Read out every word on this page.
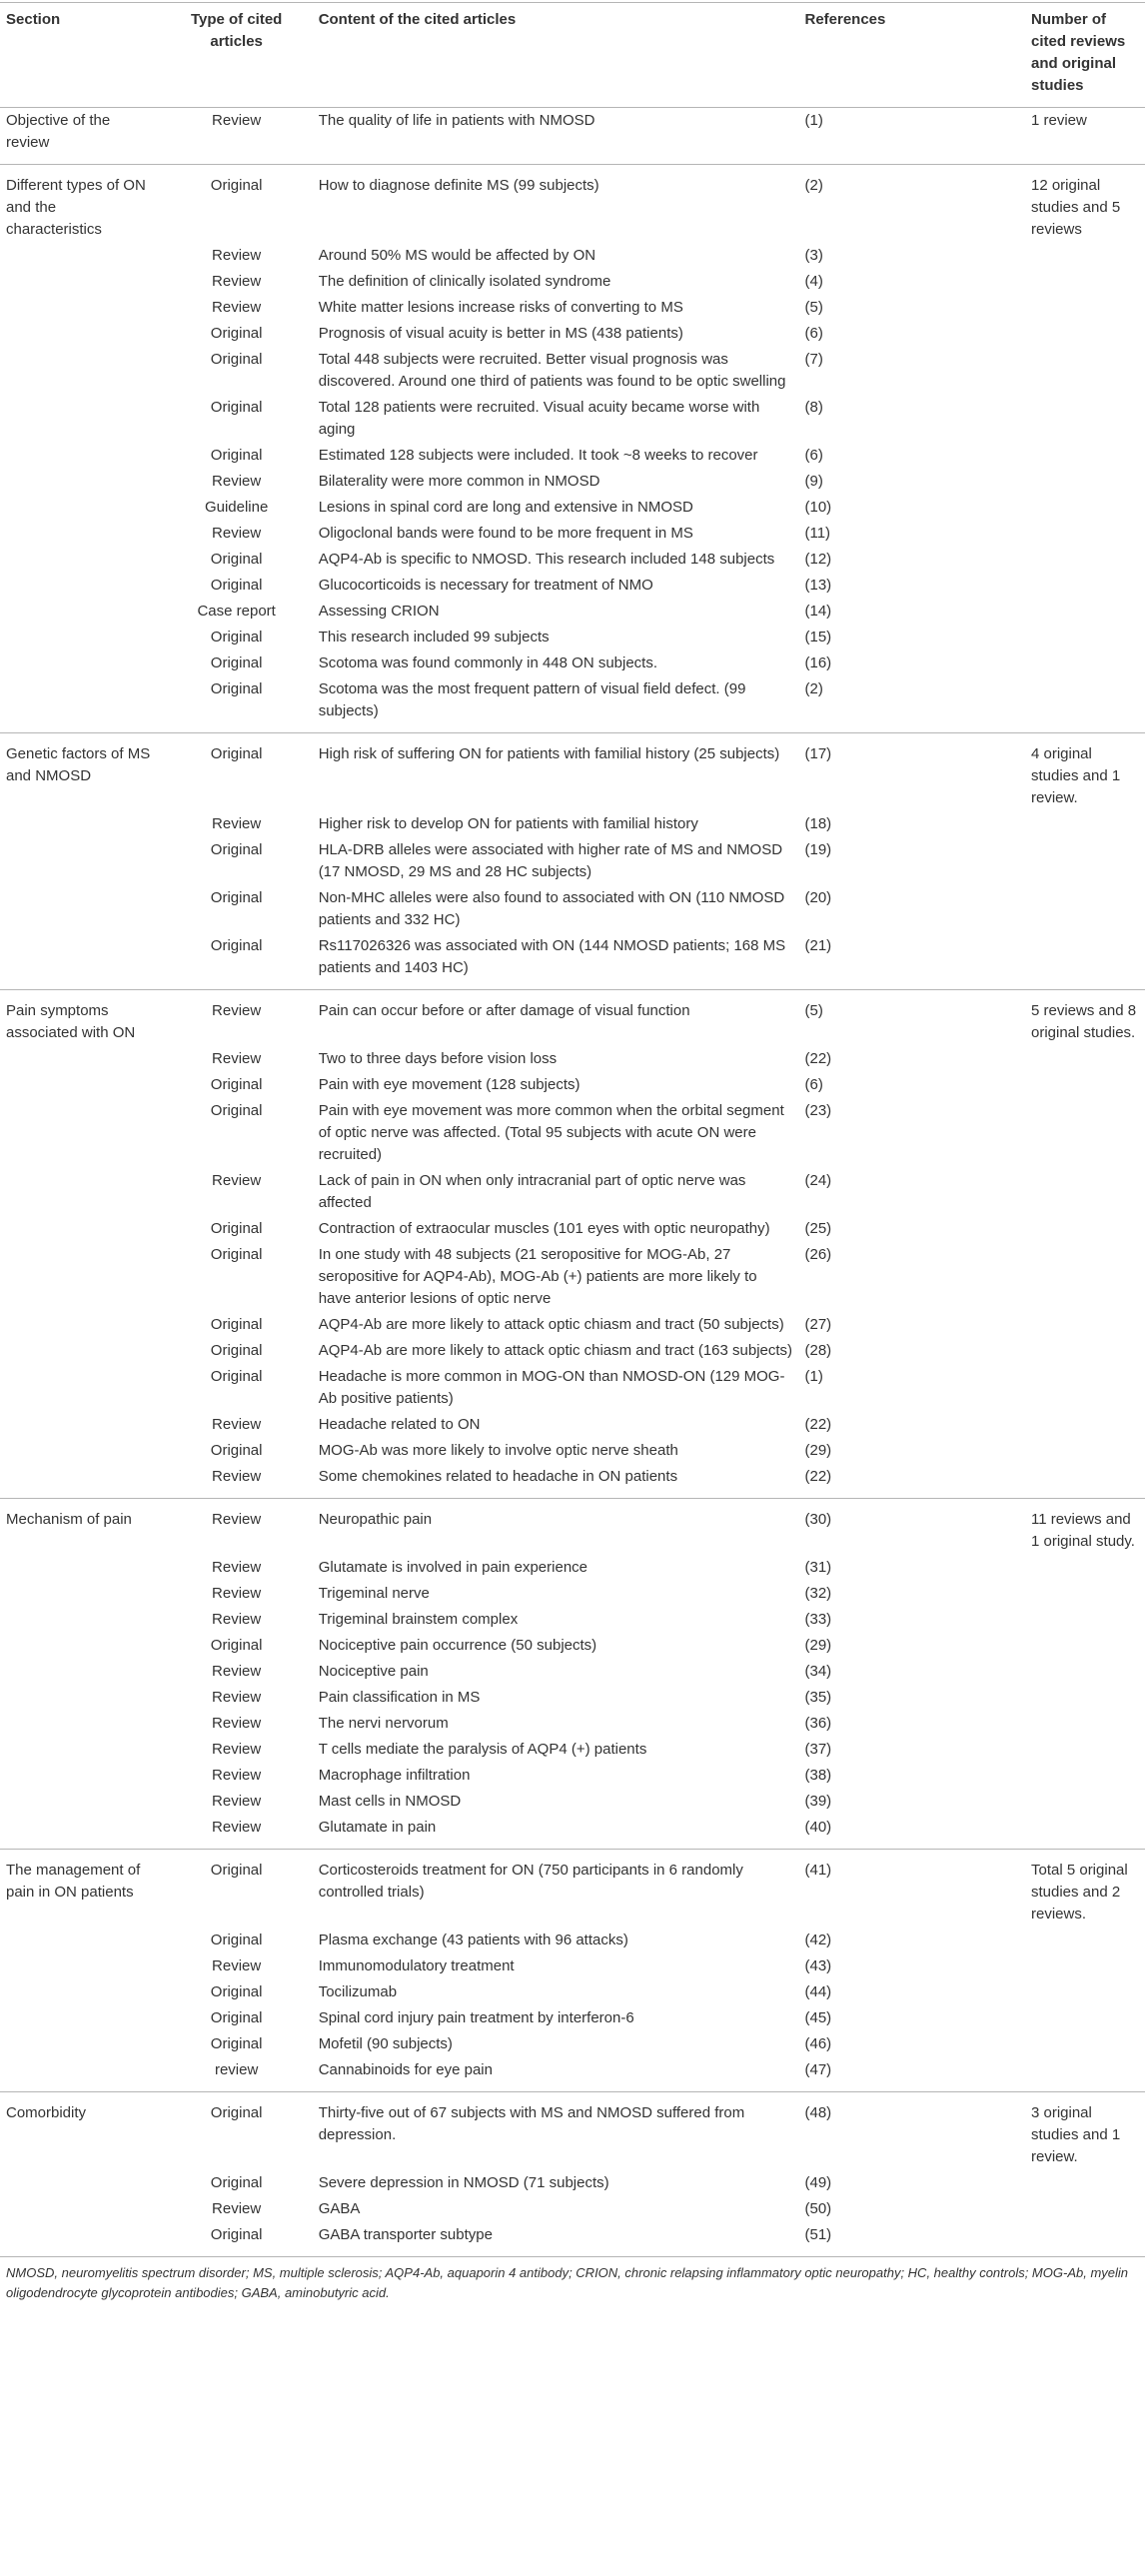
Section	Type of cited articles	Content of the cited articles	References	Number of cited reviews and original studies
Objective of the review	Review	The quality of life in patients with NMOSD	(1)	1 review
Different types of ON and the characteristics	Original	How to diagnose definite MS (99 subjects)	(2)	12 original studies and 5 reviews
	Review	Around 50% MS would be affected by ON	(3)	
	Review	The definition of clinically isolated syndrome	(4)	
	Review	White matter lesions increase risks of converting to MS	(5)	
	Original	Prognosis of visual acuity is better in MS (438 patients)	(6)	
	Original	Total 448 subjects were recruited. Better visual prognosis was discovered. Around one third of patients was found to be optic swelling	(7)	
	Original	Total 128 patients were recruited. Visual acuity became worse with aging	(8)	
	Original	Estimated 128 subjects were included. It took ~8 weeks to recover	(6)	
	Review	Bilaterality were more common in NMOSD	(9)	
	Guideline	Lesions in spinal cord are long and extensive in NMOSD	(10)	
	Review	Oligoclonal bands were found to be more frequent in MS	(11)	
	Original	AQP4-Ab is specific to NMOSD. This research included 148 subjects	(12)	
	Original	Glucocorticoids is necessary for treatment of NMO	(13)	
	Case report	Assessing CRION	(14)	
	Original	This research included 99 subjects	(15)	
	Original	Scotoma was found commonly in 448 ON subjects.	(16)	
	Original	Scotoma was the most frequent pattern of visual field defect. (99 subjects)	(2)	
Genetic factors of MS and NMOSD	Original	High risk of suffering ON for patients with familial history (25 subjects)	(17)	4 original studies and 1 review.
	Review	Higher risk to develop ON for patients with familial history	(18)	
	Original	HLA-DRB alleles were associated with higher rate of MS and NMOSD (17 NMOSD, 29 MS and 28 HC subjects)	(19)	
	Original	Non-MHC alleles were also found to associated with ON (110 NMOSD patients and 332 HC)	(20)	
	Original	Rs117026326 was associated with ON (144 NMOSD patients; 168 MS patients and 1403 HC)	(21)	
Pain symptoms associated with ON	Review	Pain can occur before or after damage of visual function	(5)	5 reviews and 8 original studies.
	Review	Two to three days before vision loss	(22)	
	Original	Pain with eye movement (128 subjects)	(6)	
	Original	Pain with eye movement was more common when the orbital segment of optic nerve was affected. (Total 95 subjects with acute ON were recruited)	(23)	
	Review	Lack of pain in ON when only intracranial part of optic nerve was affected	(24)	
	Original	Contraction of extraocular muscles (101 eyes with optic neuropathy)	(25)	
	Original	In one study with 48 subjects (21 seropositive for MOG-Ab, 27 seropositive for AQP4-Ab), MOG-Ab (+) patients are more likely to have anterior lesions of optic nerve	(26)	
	Original	AQP4-Ab are more likely to attack optic chiasm and tract (50 subjects)	(27)	
	Original	AQP4-Ab are more likely to attack optic chiasm and tract (163 subjects)	(28)	
	Original	Headache is more common in MOG-ON than NMOSD-ON (129 MOG-Ab positive patients)	(1)	
	Review	Headache related to ON	(22)	
	Original	MOG-Ab was more likely to involve optic nerve sheath	(29)	
	Review	Some chemokines related to headache in ON patients	(22)	
Mechanism of pain	Review	Neuropathic pain	(30)	11 reviews and 1 original study.
	Review	Glutamate is involved in pain experience	(31)	
	Review	Trigeminal nerve	(32)	
	Review	Trigeminal brainstem complex	(33)	
	Original	Nociceptive pain occurrence (50 subjects)	(29)	
	Review	Nociceptive pain	(34)	
	Review	Pain classification in MS	(35)	
	Review	The nervi nervorum	(36)	
	Review	T cells mediate the paralysis of AQP4 (+) patients	(37)	
	Review	Macrophage infiltration	(38)	
	Review	Mast cells in NMOSD	(39)	
	Review	Glutamate in pain	(40)	
The management of pain in ON patients	Original	Corticosteroids treatment for ON (750 participants in 6 randomly controlled trials)	(41)	Total 5 original studies and 2 reviews.
	Original	Plasma exchange (43 patients with 96 attacks)	(42)	
	Review	Immunomodulatory treatment	(43)	
	Original	Tocilizumab	(44)	
	Original	Spinal cord injury pain treatment by interferon-6	(45)	
	Original	Mofetil (90 subjects)	(46)	
	review	Cannabinoids for eye pain	(47)	
Comorbidity	Original	Thirty-five out of 67 subjects with MS and NMOSD suffered from depression.	(48)	3 original studies and 1 review.
	Original	Severe depression in NMOSD (71 subjects)	(49)	
	Review	GABA	(50)	
	Original	GABA transporter subtype	(51)	
NMOSD, neuromyelitis spectrum disorder; MS, multiple sclerosis; AQP4-Ab, aquaporin 4 antibody; CRION, chronic relapsing inflammatory optic neuropathy; HC, healthy controls; MOG-Ab, myelin oligodendrocyte glycoprotein antibodies; GABA, aminobutyric acid.
